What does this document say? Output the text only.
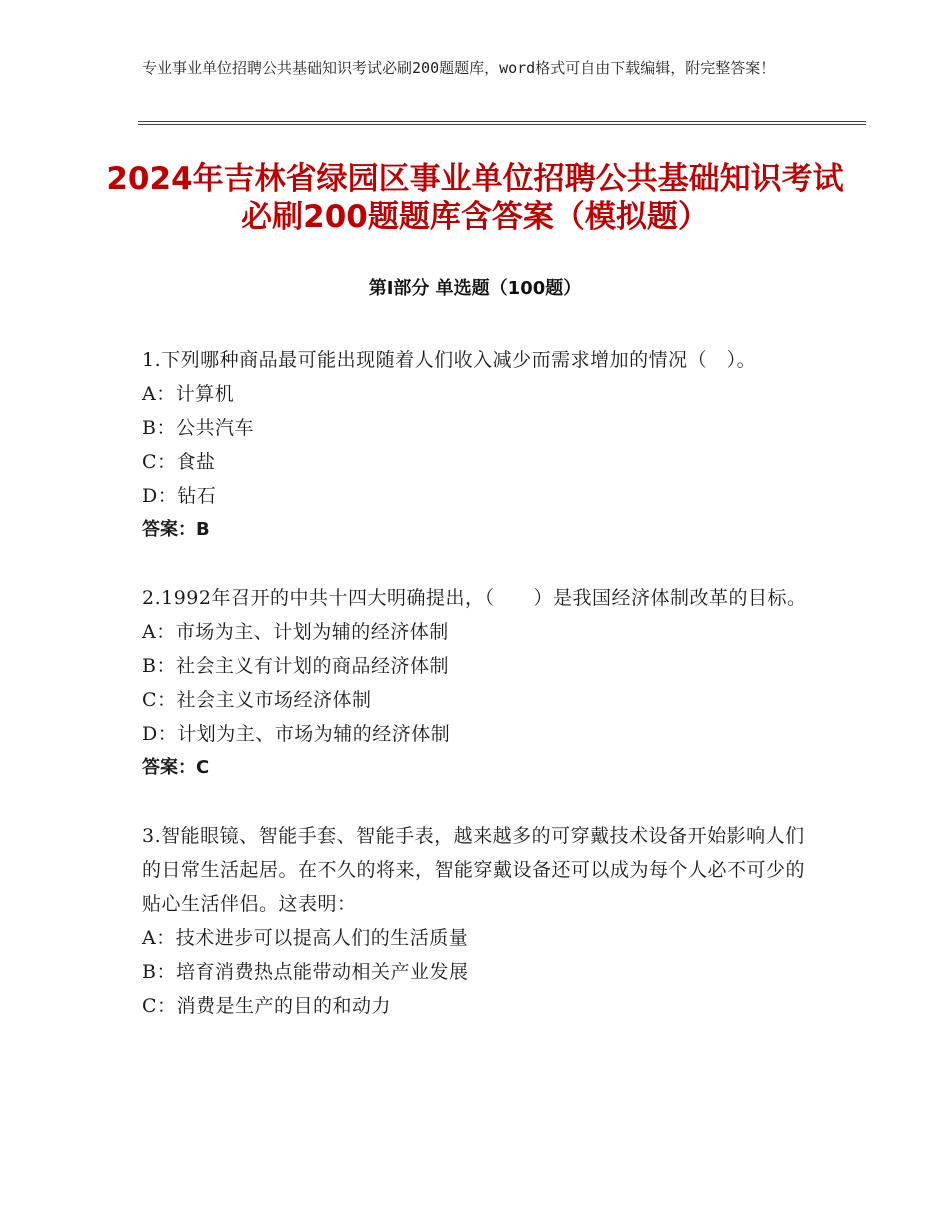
专业事业单位招聘公共基础知识考试必刷200题题库，word格式可自由下载编辑，附完整答案！
2024年吉林省绿园区事业单位招聘公共基础知识考试必刷200题题库含答案（模拟题）
第Ⅰ部分 单选题（100题）
1.下列哪种商品最可能出现随着人们收入减少而需求增加的情况（　）。
A：计算机
B：公共汽车
C：食盐
D：钻石
答案：B
2.1992年召开的中共十四大明确提出，（　　）是我国经济体制改革的目标。
A：市场为主、计划为辅的经济体制
B：社会主义有计划的商品经济体制
C：社会主义市场经济体制
D：计划为主、市场为辅的经济体制
答案：C
3.智能眼镜、智能手套、智能手表，越来越多的可穿戴技术设备开始影响人们的日常生活起居。在不久的将来，智能穿戴设备还可以成为每个人必不可少的贴心生活伴侣。这表明：
A：技术进步可以提高人们的生活质量
B：培育消费热点能带动相关产业发展
C：消费是生产的目的和动力
